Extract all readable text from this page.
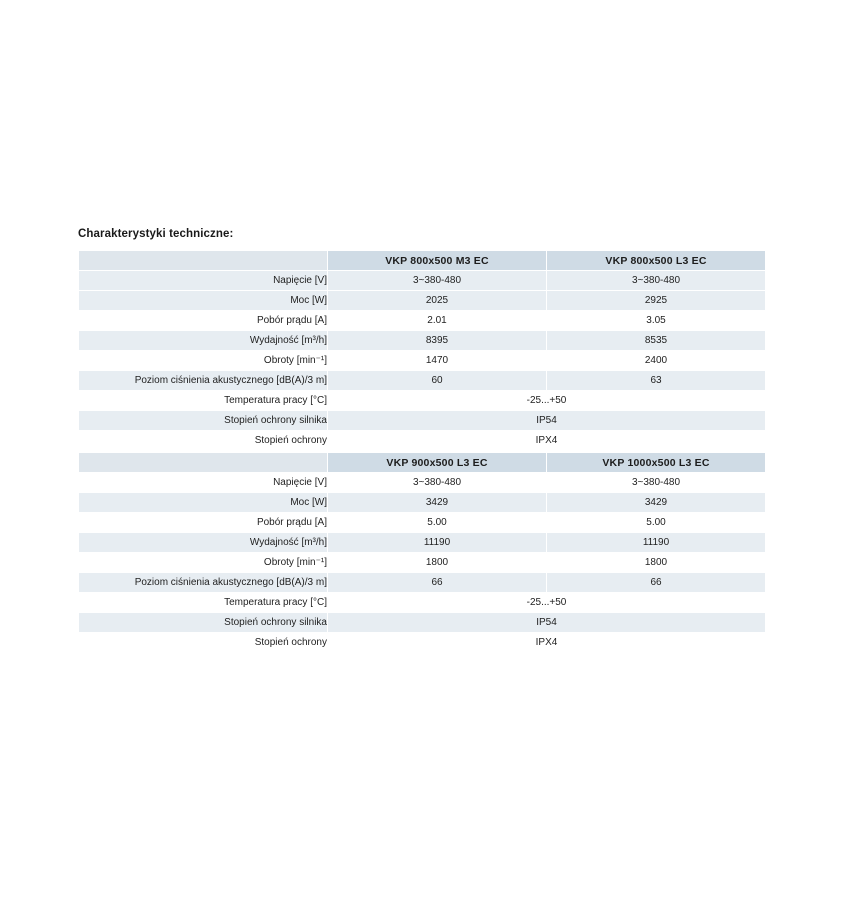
Charakterystyki techniczne:
	VKP 800x500 M3 EC	VKP 800x500 L3 EC
Napięcie [V]	3~380-480	3~380-480
Moc [W]	2025	2925
Pobór prądu [A]	2.01	3.05
Wydajność [m³/h]	8395	8535
Obroty [min⁻¹]	1470	2400
Poziom ciśnienia akustycznego [dB(A)/3 m]	60	63
Temperatura pracy [°C]	-25...+50	
Stopień ochrony silnika	IP54	
Stopień ochrony	IPX4	
	VKP 900x500 L3 EC	VKP 1000x500 L3 EC
Napięcie [V]	3~380-480	3~380-480
Moc [W]	3429	3429
Pobór prądu [A]	5.00	5.00
Wydajność [m³/h]	11190	11190
Obroty [min⁻¹]	1800	1800
Poziom ciśnienia akustycznego [dB(A)/3 m]	66	66
Temperatura pracy [°C]	-25...+50	
Stopień ochrony silnika	IP54	
Stopień ochrony	IPX4	
